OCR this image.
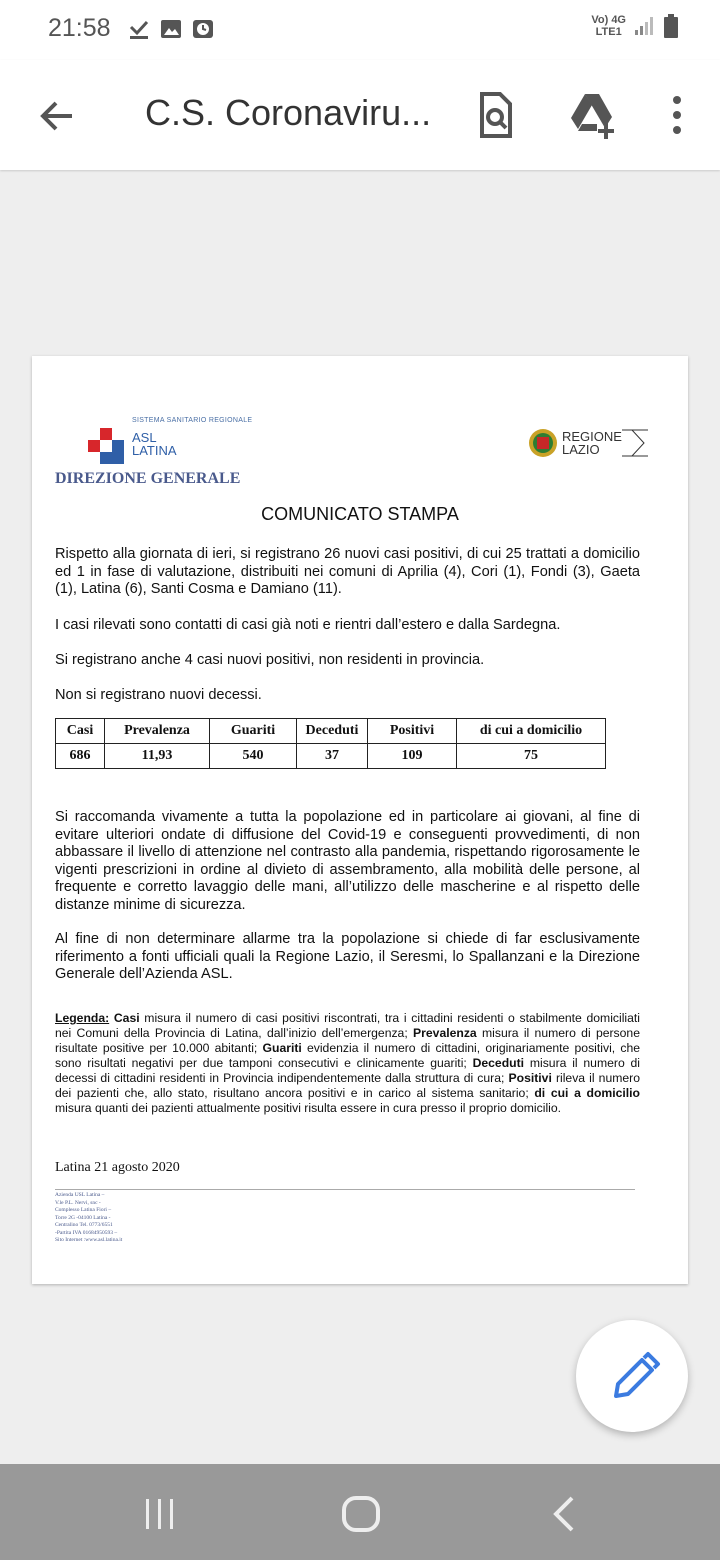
21:58	Vo) 4G
LTE1
C.S. Coronaviru...
SISTEMA SANITARIO REGIONALE
ASL
LATINA
REGIONE
LAZIO
DIREZIONE GENERALE
COMUNICATO STAMPA
Rispetto alla giornata di ieri, si registrano 26 nuovi casi positivi, di cui 25 trattati a domicilio ed 1 in fase di valutazione, distribuiti nei comuni di Aprilia (4), Cori (1), Fondi (3), Gaeta (1), Latina (6), Santi Cosma e Damiano (11).
I casi rilevati sono contatti di casi già noti e rientri dall’estero e dalla Sardegna.
Si registrano anche 4 casi nuovi positivi, non residenti in provincia.
Non si registrano nuovi decessi.
Casi	Prevalenza	Guariti	Deceduti	Positivi	di cui a domicilio
686	11,93	540	37	109	75
Si raccomanda vivamente a tutta la popolazione ed in particolare ai giovani, al fine di evitare ulteriori ondate di diffusione del Covid-19 e conseguenti provvedimenti, di non abbassare il livello di attenzione nel contrasto alla pandemia, rispettando rigorosamente le vigenti prescrizioni in ordine al divieto di assembramento, alla mobilità delle persone, al frequente e corretto lavaggio delle mani, all’utilizzo delle mascherine e al rispetto delle distanze minime di sicurezza.
Al fine di non determinare allarme tra la popolazione si chiede di far esclusivamente riferimento a fonti ufficiali quali la Regione Lazio, il Seresmi, lo Spallanzani e la Direzione Generale dell’Azienda ASL.
Legenda: Casi misura il numero di casi positivi riscontrati, tra i cittadini residenti o stabilmente domiciliati nei Comuni della Provincia di Latina, dall’inizio dell’emergenza; Prevalenza misura il numero di persone risultate positive per 10.000 abitanti; Guariti evidenzia il numero di cittadini, originariamente positivi, che sono risultati negativi per due tamponi consecutivi e clinicamente guariti; Deceduti misura il numero di decessi di cittadini residenti in Provincia indipendentemente dalla struttura di cura; Positivi rileva il numero dei pazienti che, allo stato, risultano ancora positivi e in carico al sistema sanitario; di cui a domicilio misura quanti dei pazienti attualmente positivi risulta essere in cura presso il proprio domicilio.
Latina 21 agosto 2020
Azienda USL Latina –
V.le P.L. Nervi, snc -
Complesso Latina Fiori –
Torre 2G -04100 Latina -
Centralino Tel. 0773/6551
-Partita IVA 01684950593 –
Sito Internet :www.asl.latina.it
